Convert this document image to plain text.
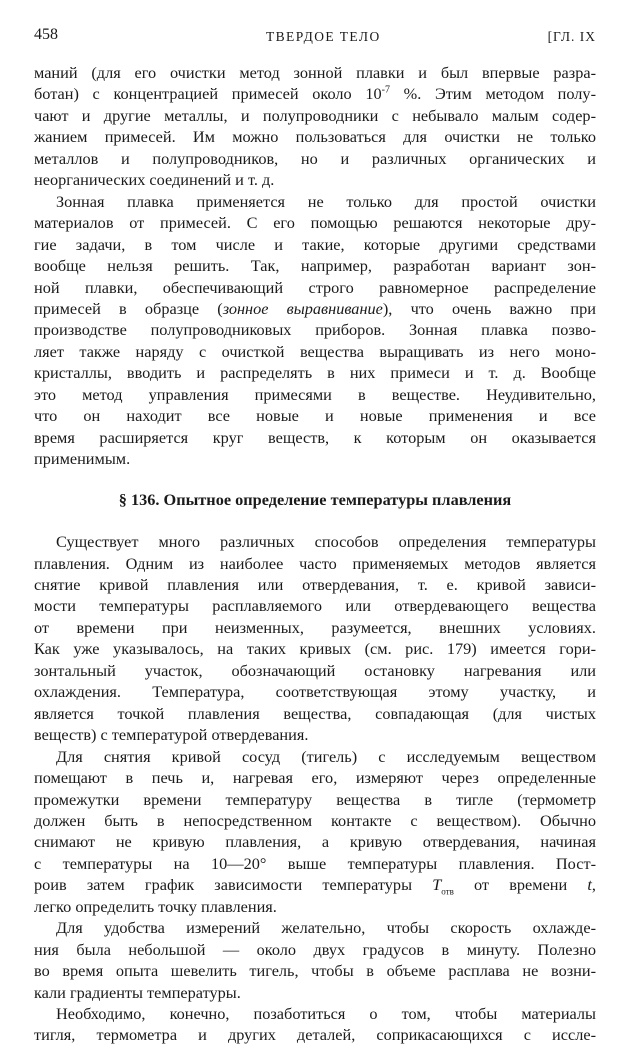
458	ТВЕРДОЕ ТЕЛО	[ГЛ. IX
маний (для его очистки метод зонной плавки и был впервые разра-
ботан) с концентрацией примесей около $10^{-7}$ %. Этим методом полу-
чают и другие металлы, и полупроводники с небывало малым содер-
жанием примесей. Им можно пользоваться для очистки не только
металлов и полупроводников, но и различных органических и
неорганических соединений и т. д.
Зонная плавка применяется не только для простой очистки
материалов от примесей. С его помощью решаются некоторые дру-
гие задачи, в том числе и такие, которые другими средствами
вообще нельзя решить. Так, например, разработан вариант зон-
ной плавки, обеспечивающий строго равномерное распределение
примесей в образце (зонное выравнивание), что очень важно при
производстве полупроводниковых приборов. Зонная плавка позво-
ляет также наряду с очисткой вещества выращивать из него моно-
кристаллы, вводить и распределять в них примеси и т. д. Вообще
это метод управления примесями в веществе. Неудивительно,
что он находит все новые и новые применения и все
время расширяется круг веществ, к которым он оказывается
применимым.
§ 136. Опытное определение температуры плавления
Существует много различных способов определения температуры
плавления. Одним из наиболее часто применяемых методов является
снятие кривой плавления или отвердевания, т. е. кривой зависи-
мости температуры расплавляемого или отвердевающего вещества
от времени при неизменных, разумеется, внешних условиях.
Как уже указывалось, на таких кривых (см. рис. 179) имеется гори-
зонтальный участок, обозначающий остановку нагревания или
охлаждения. Температура, соответствующая этому участку, и
является точкой плавления вещества, совпадающая (для чистых
веществ) с температурой отвердевания.
Для снятия кривой сосуд (тигель) с исследуемым веществом
помещают в печь и, нагревая его, измеряют через определенные
промежутки времени температуру вещества в тигле (термометр
должен быть в непосредственном контакте с веществом). Обычно
снимают не кривую плавления, а кривую отвердевания, начиная
с температуры на 10—20° выше температуры плавления. Пост-
роив затем график зависимости температуры $T_{отв}$ от времени t,
легко определить точку плавления.
Для удобства измерений желательно, чтобы скорость охлажде-
ния была небольшой — около двух градусов в минуту. Полезно
во время опыта шевелить тигель, чтобы в объеме расплава не возни-
кали градиенты температуры.
Необходимо, конечно, позаботиться о том, чтобы материалы
тигля, термометра и других деталей, соприкасающихся с иссле-
